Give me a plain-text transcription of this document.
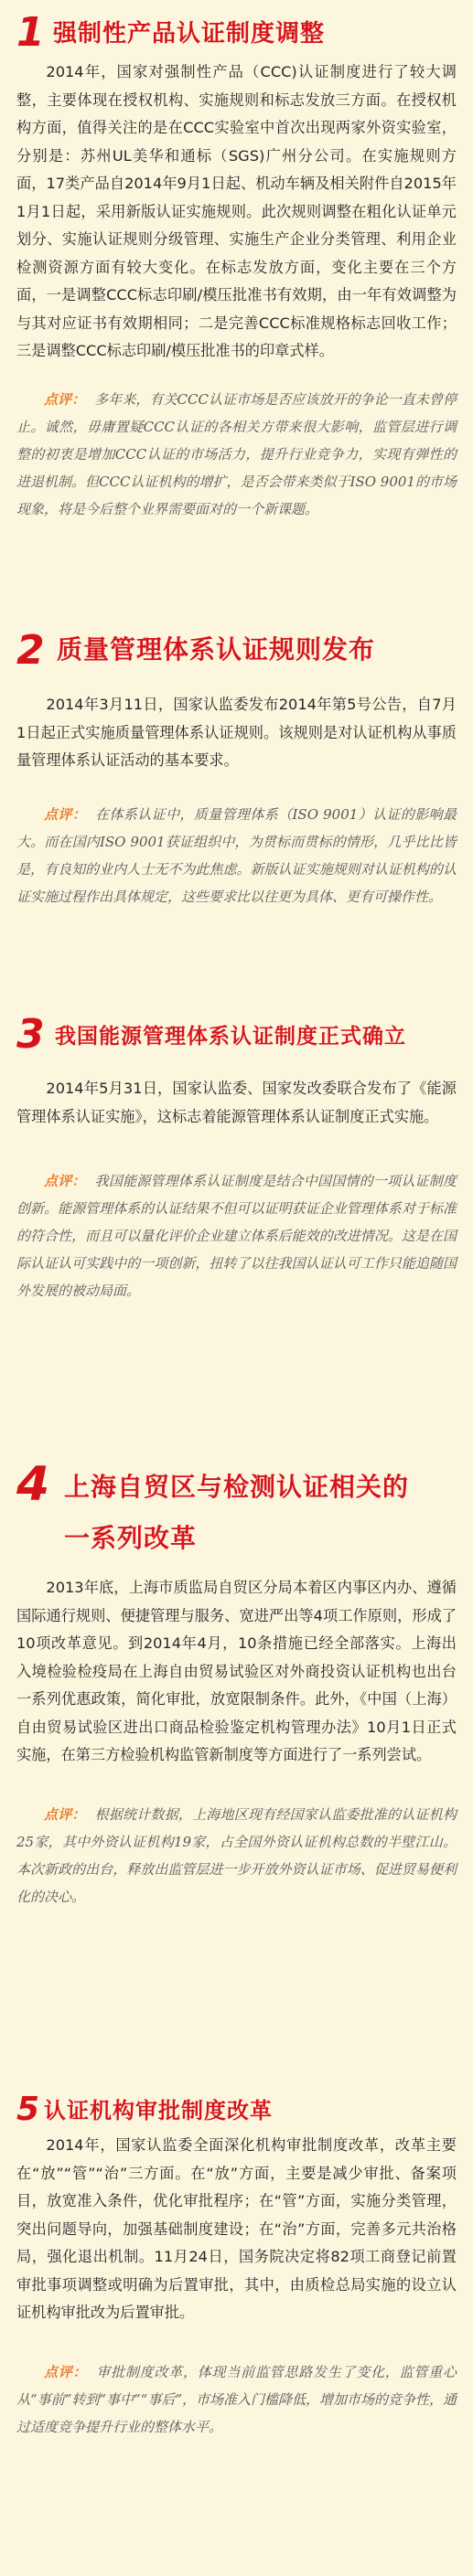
1 强制性产品认证制度调整
2014年，国家对强制性产品（CCC)认证制度进行了较大调整，主要体现在授权机构、实施规则和标志发放三方面。在授权机构方面，值得关注的是在CCC实验室中首次出现两家外资实验室，分别是：苏州UL美华和通标（SGS)广州分公司。在实施规则方面，17类产品自2014年9月1日起、机动车辆及相关附件自2015年1月1日起，采用新版认证实施规则。此次规则调整在粗化认证单元划分、实施认证规则分级管理、实施生产企业分类管理、利用企业检测资源方面有较大变化。在标志发放方面，变化主要在三个方面，一是调整CCC标志印刷/模压批准书有效期，由一年有效调整为与其对应证书有效期相同；二是完善CCC标准规格标志回收工作；三是调整CCC标志印刷/模压批准书的印章式样。
点评： 多年来，有关CCC认证市场是否应该放开的争论一直未曾停止。诚然，毋庸置疑CCC认证的各相关方带来很大影响，监管层进行调整的初衷是增加CCC认证的市场活力，提升行业竞争力，实现有弹性的进退机制。但CCC认证机构的增扩，是否会带来类似于ISO 9001的市场现象，将是今后整个业界需要面对的一个新课题。
2 质量管理体系认证规则发布
2014年3月11日，国家认监委发布2014年第5号公告，自7月1日起正式实施质量管理体系认证规则。该规则是对认证机构从事质量管理体系认证活动的基本要求。
点评： 在体系认证中，质量管理体系（ISO 9001）认证的影响最大。而在国内ISO 9001获证组织中，为贯标而贯标的情形，几乎比比皆是，有良知的业内人士无不为此焦虑。新版认证实施规则对认证机构的认证实施过程作出具体规定，这些要求比以往更为具体、更有可操作性。
3 我国能源管理体系认证制度正式确立
2014年5月31日，国家认监委、国家发改委联合发布了《能源管理体系认证实施》，这标志着能源管理体系认证制度正式实施。
点评： 我国能源管理体系认证制度是结合中国国情的一项认证制度创新。能源管理体系的认证结果不但可以证明获证企业管理体系对于标准的符合性，而且可以量化评价企业建立体系后能效的改进情况。这是在国际认证认可实践中的一项创新，扭转了以往我国认证认可工作只能追随国外发展的被动局面。
4 上海自贸区与检测认证相关的
一系列改革
2013年底，上海市质监局自贸区分局本着区内事区内办、遵循国际通行规则、便捷管理与服务、宽进严出等4项工作原则，形成了10项改革意见。到2014年4月，10条措施已经全部落实。上海出入境检验检疫局在上海自由贸易试验区对外商投资认证机构也出台一系列优惠政策，简化审批，放宽限制条件。此外，《中国（上海）自由贸易试验区进出口商品检验鉴定机构管理办法》10月1日正式实施，在第三方检验机构监管新制度等方面进行了一系列尝试。
点评： 根据统计数据，上海地区现有经国家认监委批准的认证机构25家，其中外资认证机构19家，占全国外资认证机构总数的半壁江山。本次新政的出台，释放出监管层进一步开放外资认证市场、促进贸易便利化的决心。
5 认证机构审批制度改革
2014年，国家认监委全面深化机构审批制度改革，改革主要在“放”“管”“治”三方面。在“放”方面，主要是减少审批、备案项目，放宽准入条件，优化审批程序；在“管”方面，实施分类管理，突出问题导向，加强基础制度建设；在“治”方面，完善多元共治格局，强化退出机制。11月24日，国务院决定将82项工商登记前置审批事项调整或明确为后置审批，其中，由质检总局实施的设立认证机构审批改为后置审批。
点评： 审批制度改革，体现当前监管思路发生了变化，监管重心从“事前”转到“事中”“事后”，市场准入门槛降低，增加市场的竞争性，通过适度竞争提升行业的整体水平。
